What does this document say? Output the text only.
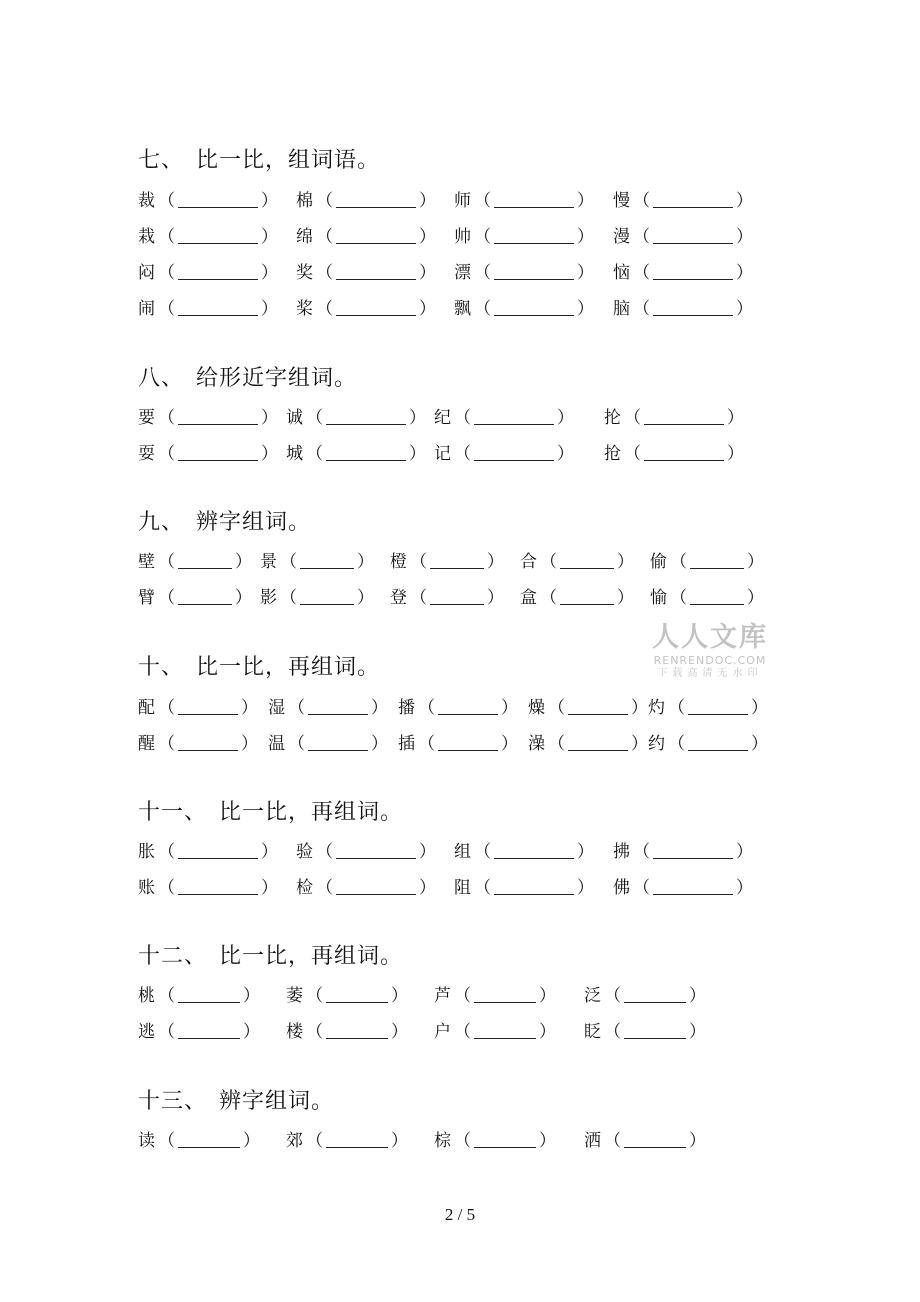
七、 比一比，组词语。
八、 给形近字组词。
九、 辨字组词。
十、 比一比，再组词。
十一、 比一比，再组词。
十二、 比一比，再组词。
十三、 辨字组词。
裁 （	） 棉 （	） 师 （	） 慢 （	）
栽 （	） 绵 （	） 帅 （	） 漫 （	）
闷 （	） 奖 （	） 漂 （	） 恼 （	）
闹 （	） 桨 （	） 飘 （	） 脑 （	）
要 （	） 诚 （	） 纪 （	） 抡 （	）
耍 （	） 城 （	） 记 （	） 抢 （	）
壁 （	） 景 （	） 橙 （	） 合 （	） 偷 （	）
臂 （	） 影 （	） 登 （	） 盒 （	） 愉 （	）
配 （	） 湿 （	） 播 （	） 燥 （	） 灼 （	）
醒 （	） 温 （	） 插 （	） 澡 （	） 约 （	）
胀 （	） 验 （	） 组 （	） 拂 （	）
账 （	） 检 （	） 阻 （	） 佛 （	）
桃 （	） 萎 （	） 芦 （	） 泛 （	）
逃 （	） 楼 （	） 户 （	） 眨 （	）
读 （	） 郊 （	） 棕 （	） 洒 （	）
2 / 5
人人文库
RENRENDOC.COM
下载高清无水印
